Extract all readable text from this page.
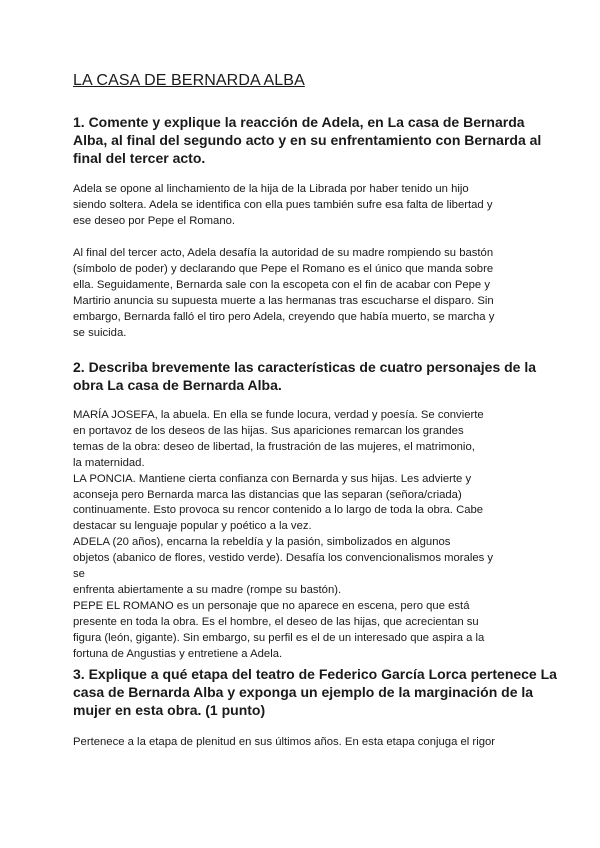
LA CASA DE BERNARDA ALBA
1. Comente y explique la reacción de Adela, en La casa de Bernarda
Alba, al final del segundo acto y en su enfrentamiento con Bernarda al
final del tercer acto.
Adela se opone al linchamiento de la hija de la Librada por haber tenido un hijo
siendo soltera. Adela se identifica con ella pues también sufre esa falta de libertad y
ese deseo por Pepe el Romano.
Al final del tercer acto, Adela desafía la autoridad de su madre rompiendo su bastón
(símbolo de poder) y declarando que Pepe el Romano es el único que manda sobre
ella. Seguidamente, Bernarda sale con la escopeta con el fin de acabar con Pepe y
Martirio anuncia su supuesta muerte a las hermanas tras escucharse el disparo. Sin
embargo, Bernarda falló el tiro pero Adela, creyendo que había muerto, se marcha y
se suicida.
2. Describa brevemente las características de cuatro personajes de la
obra La casa de Bernarda Alba.
MARÍA JOSEFA, la abuela. En ella se funde locura, verdad y poesía. Se convierte
en portavoz de los deseos de las hijas. Sus apariciones remarcan los grandes
temas de la obra: deseo de libertad, la frustración de las mujeres, el matrimonio,
la maternidad.
LA PONCIA. Mantiene cierta confianza con Bernarda y sus hijas. Les advierte y
aconseja pero Bernarda marca las distancias que las separan (señora/criada)
continuamente. Esto provoca su rencor contenido a lo largo de toda la obra. Cabe
destacar su lenguaje popular y poético a la vez.
ADELA (20 años), encarna la rebeldía y la pasión, simbolizados en algunos
objetos (abanico de flores, vestido verde). Desafía los convencionalismos morales y
se
enfrenta abiertamente a su madre (rompe su bastón).
PEPE EL ROMANO es un personaje que no aparece en escena, pero que está
presente en toda la obra. Es el hombre, el deseo de las hijas, que acrecientan su
figura (león, gigante). Sin embargo, su perfil es el de un interesado que aspira a la
fortuna de Angustias y entretiene a Adela.
3. Explique a qué etapa del teatro de Federico García Lorca pertenece La
casa de Bernarda Alba y exponga un ejemplo de la marginación de la
mujer en esta obra. (1 punto)
Pertenece a la etapa de plenitud en sus últimos años. En esta etapa conjuga el rigor
